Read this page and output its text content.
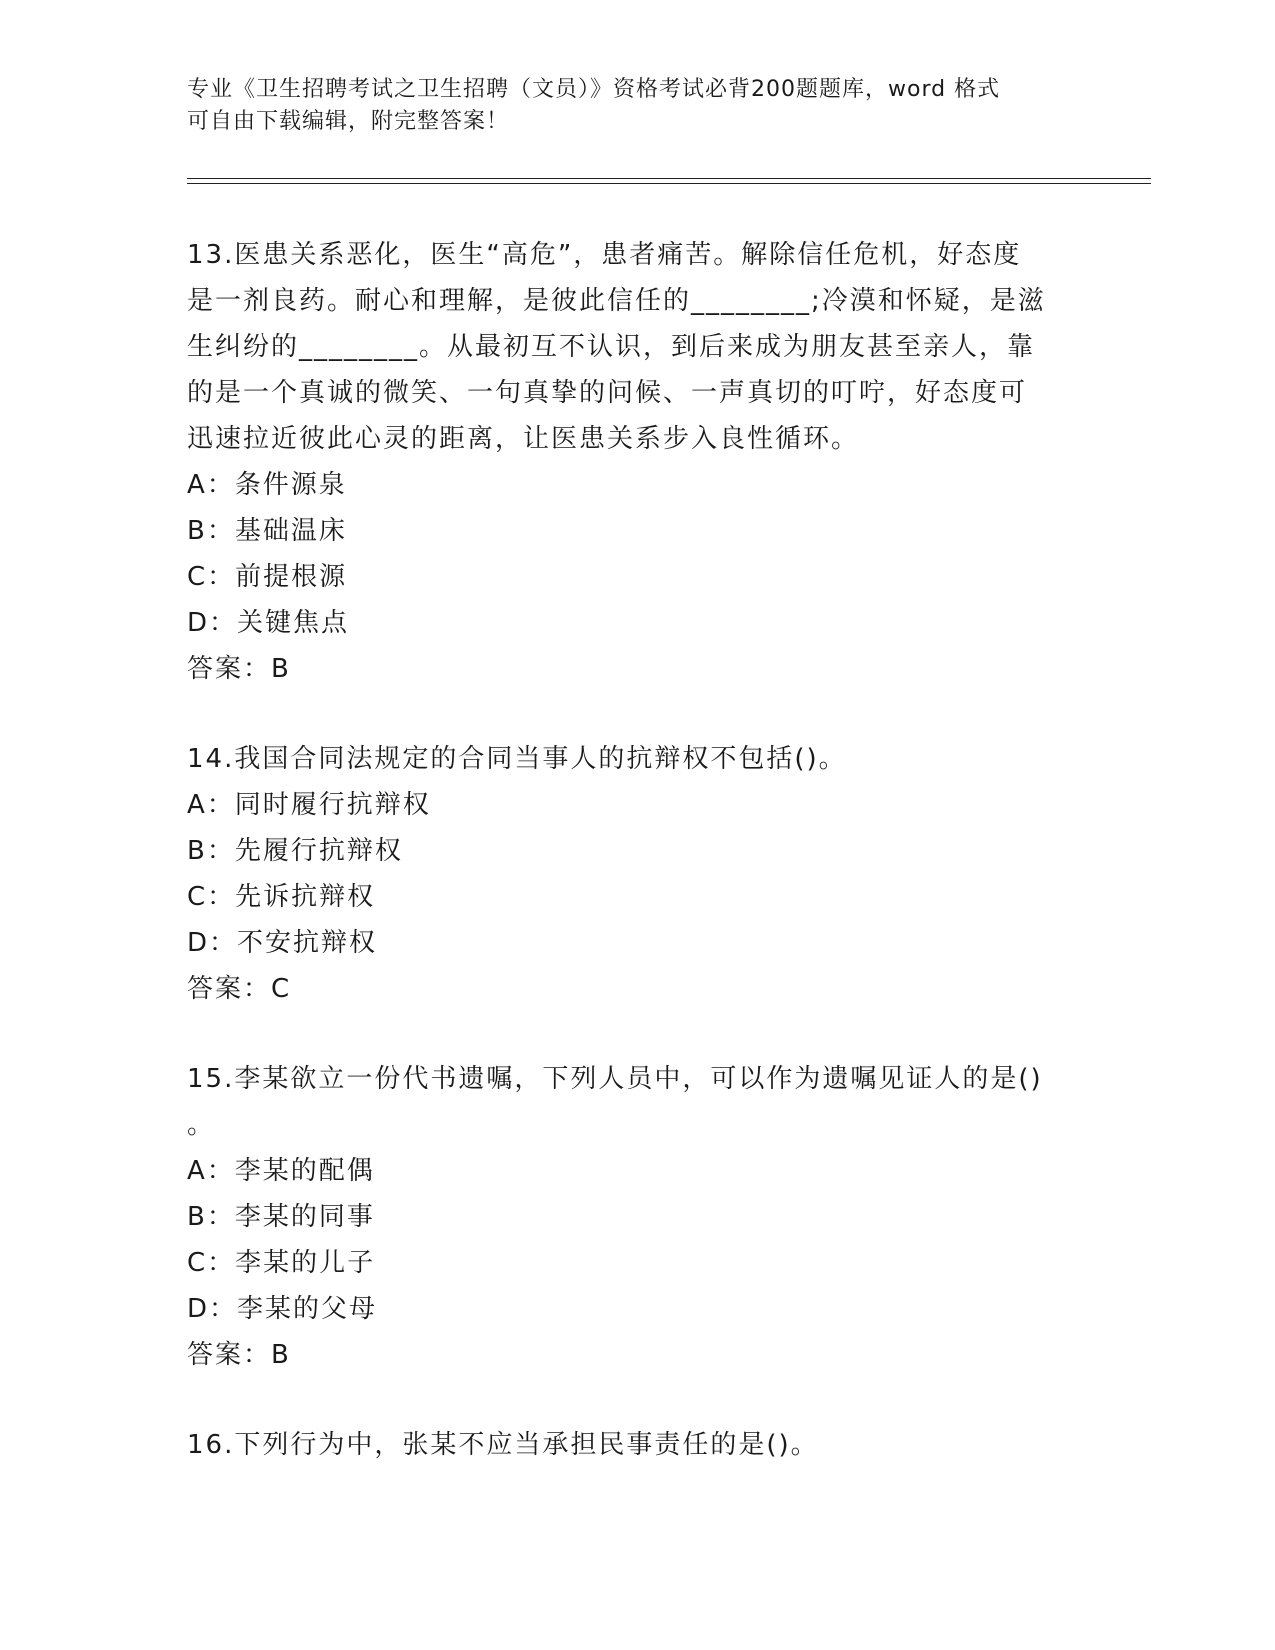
专业《卫生招聘考试之卫生招聘（文员）》资格考试必背200题题库，word 格式
可自由下载编辑，附完整答案！

13.医患关系恶化，医生“高危”，患者痛苦。解除信任危机，好态度
是一剂良药。耐心和理解，是彼此信任的________;冷漠和怀疑，是滋
生纠纷的________。从最初互不认识，到后来成为朋友甚至亲人，靠
的是一个真诚的微笑、一句真挚的问候、一声真切的叮咛，好态度可
迅速拉近彼此心灵的距离，让医患关系步入良性循环。

A：条件源泉

B：基础温床

C：前提根源

D：关键焦点

答案：B

14.我国合同法规定的合同当事人的抗辩权不包括()。

A：同时履行抗辩权

B：先履行抗辩权

C：先诉抗辩权

D：不安抗辩权

答案：C

15.李某欲立一份代书遗嘱，下列人员中，可以作为遗嘱见证人的是()
。

A：李某的配偶

B：李某的同事

C：李某的儿子

D：李某的父母

答案：B

16.下列行为中，张某不应当承担民事责任的是()。
